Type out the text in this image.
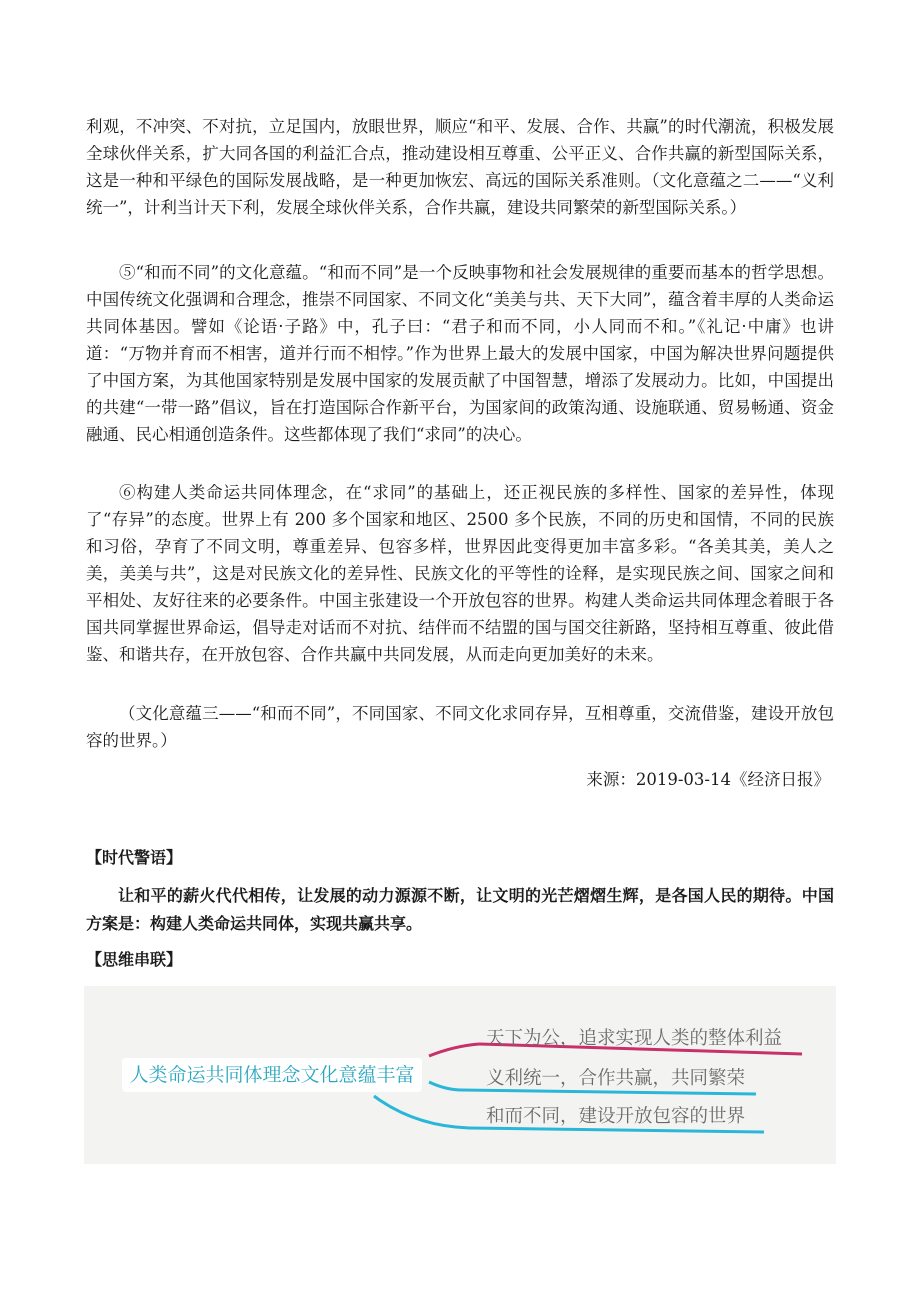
利观，不冲突、不对抗，立足国内，放眼世界，顺应“和平、发展、合作、共赢”的时代潮流，积极发展全球伙伴关系，扩大同各国的利益汇合点，推动建设相互尊重、公平正义、合作共赢的新型国际关系，这是一种和平绿色的国际发展战略，是一种更加恢宏、高远的国际关系准则。（文化意蕴之二——“义利统一”，计利当计天下利，发展全球伙伴关系，合作共赢，建设共同繁荣的新型国际关系。）

⑤“和而不同”的文化意蕴。“和而不同”是一个反映事物和社会发展规律的重要而基本的哲学思想。中国传统文化强调和合理念，推崇不同国家、不同文化“美美与共、天下大同”，蕴含着丰厚的人类命运共同体基因。譬如《论语·子路》中，孔子曰：“君子和而不同，小人同而不和。”《礼记·中庸》也讲道：“万物并育而不相害，道并行而不相悖。”作为世界上最大的发展中国家，中国为解决世界问题提供了中国方案，为其他国家特别是发展中国家的发展贡献了中国智慧，增添了发展动力。比如，中国提出的共建“一带一路”倡议，旨在打造国际合作新平台，为国家间的政策沟通、设施联通、贸易畅通、资金融通、民心相通创造条件。这些都体现了我们“求同”的决心。

⑥构建人类命运共同体理念，在“求同”的基础上，还正视民族的多样性、国家的差异性，体现了“存异”的态度。世界上有 200 多个国家和地区、2500 多个民族，不同的历史和国情，不同的民族和习俗，孕育了不同文明，尊重差异、包容多样，世界因此变得更加丰富多彩。“各美其美，美人之美，美美与共”，这是对民族文化的差异性、民族文化的平等性的诠释，是实现民族之间、国家之间和平相处、友好往来的必要条件。中国主张建设一个开放包容的世界。构建人类命运共同体理念着眼于各国共同掌握世界命运，倡导走对话而不对抗、结伴而不结盟的国与国交往新路，坚持相互尊重、彼此借鉴、和谐共存，在开放包容、合作共赢中共同发展，从而走向更加美好的未来。

（文化意蕴三——“和而不同”，不同国家、不同文化求同存异，互相尊重，交流借鉴，建设开放包容的世界。）

来源：2019-03-14《经济日报》
【时代警语】

让和平的薪火代代相传，让发展的动力源源不断，让文明的光芒熠熠生辉，是各国人民的期待。中国方案是：构建人类命运共同体，实现共赢共享。

【思维串联】
人类命运共同体理念文化意蕴丰富
天下为公，追求实现人类的整体利益
义利统一，合作共赢，共同繁荣
和而不同，建设开放包容的世界
